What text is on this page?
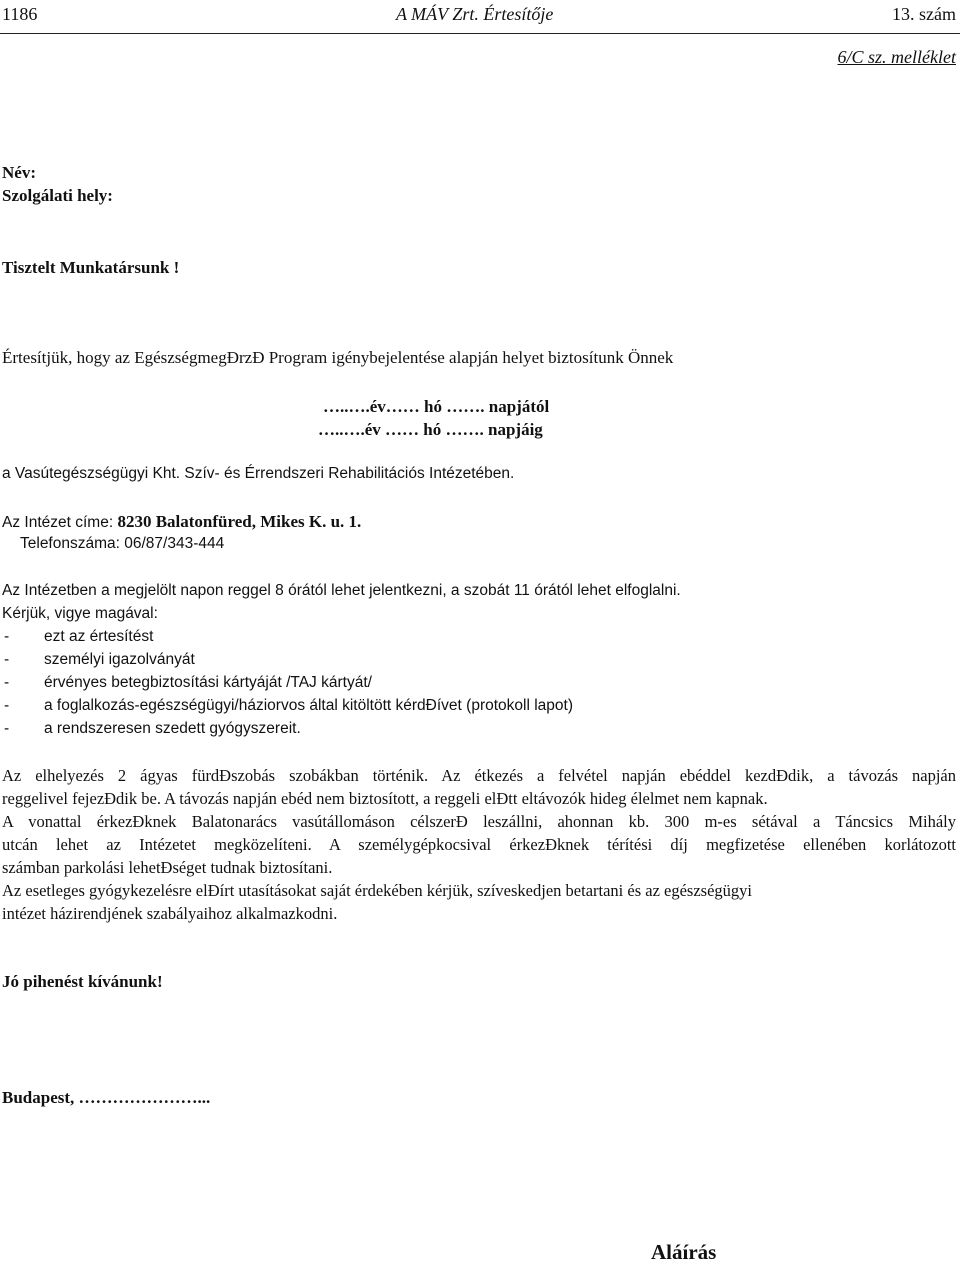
1186	A MÁV Zrt. Értesítője	13. szám
6/C sz. melléklet
Név:
Szolgálati hely:
Tisztelt Munkatársunk !
Értesítjük, hogy az EgészségmegĐrzĐ Program igénybejelentése alapján helyet biztosítunk Önnek
…..….év…… hó ……. napjától
…..….év …… hó ……. napjáig
a Vasútegészségügyi Kht. Szív- és Érrendszeri Rehabilitációs Intézetében.
Az Intézet címe: 8230 Balatonfüred, Mikes K. u. 1.
Telefonszáma: 06/87/343-444
Az Intézetben a megjelölt napon reggel 8 órától lehet jelentkezni, a szobát 11 órától lehet elfoglalni.
Kérjük, vigye magával:
- ezt az értesítést
- személyi igazolványát
- érvényes betegbiztosítási kártyáját /TAJ kártyát/
- a foglalkozás-egészségügyi/háziorvos által kitöltött kérdĐívet (protokoll lapot)
- a rendszeresen szedett gyógyszereit.
Az elhelyezés 2 ágyas fürdĐszobás szobákban történik. Az étkezés a felvétel napján ebéddel kezdĐdik, a távozás napján
reggelivel fejezĐdik be. A távozás napján ebéd nem biztosított, a reggeli elĐtt eltávozók hideg élelmet nem kapnak.
A vonattal érkezĐknek Balatonarács vasútállomáson célszerĐ leszállni, ahonnan kb. 300 m-es sétával a Táncsics Mihály
utcán lehet az Intézetet megközelíteni. A személygépkocsival érkezĐknek térítési díj megfizetése ellenében korlátozott
számban parkolási lehetĐséget tudnak biztosítani.
Az esetleges gyógykezelésre elĐírt utasításokat saját érdekében kérjük, szíveskedjen betartani és az egészségügyi
intézet házirendjének szabályaihoz alkalmazkodni.
Jó pihenést kívánunk!
Budapest, …………………...
Aláírás
